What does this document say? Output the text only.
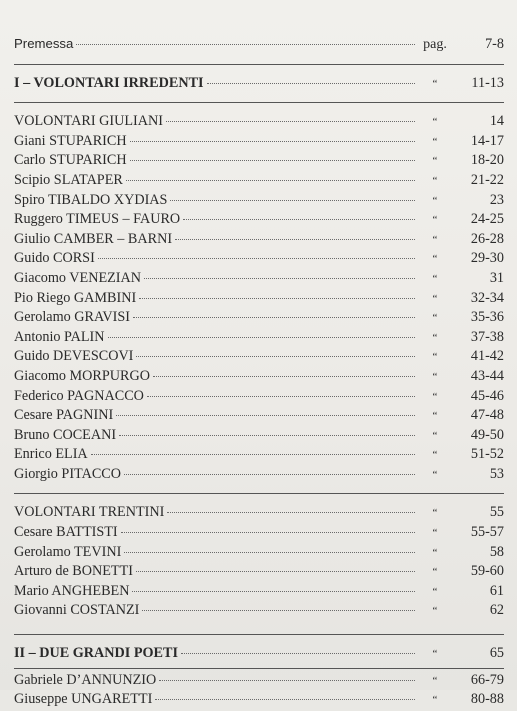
Premessa	pag.	7-8
I – VOLONTARI IRREDENTI	“	11-13
VOLONTARI GIULIANI	“	14
Giani STUPARICH	“	14-17
Carlo STUPARICH	“	18-20
Scipio SLATAPER	“	21-22
Spiro TIBALDO XYDIAS	“	23
Ruggero TIMEUS – FAURO	“	24-25
Giulio CAMBER – BARNI	“	26-28
Guido CORSI	“	29-30
Giacomo VENEZIAN	“	31
Pio Riego GAMBINI	“	32-34
Gerolamo GRAVISI	“	35-36
Antonio PALIN	“	37-38
Guido DEVESCOVI	“	41-42
Giacomo MORPURGO	“	43-44
Federico PAGNACCO	“	45-46
Cesare PAGNINI	“	47-48
Bruno COCEANI	“	49-50
Enrico ELIA	“	51-52
Giorgio PITACCO	“	53
VOLONTARI TRENTINI	“	55
Cesare BATTISTI	“	55-57
Gerolamo TEVINI	“	58
Arturo de BONETTI	“	59-60
Mario ANGHEBEN	“	61
Giovanni COSTANZI	“	62
II – DUE GRANDI POETI	“	65
Gabriele D’ANNUNZIO	“	66-79
Giuseppe UNGARETTI	“	80-88
